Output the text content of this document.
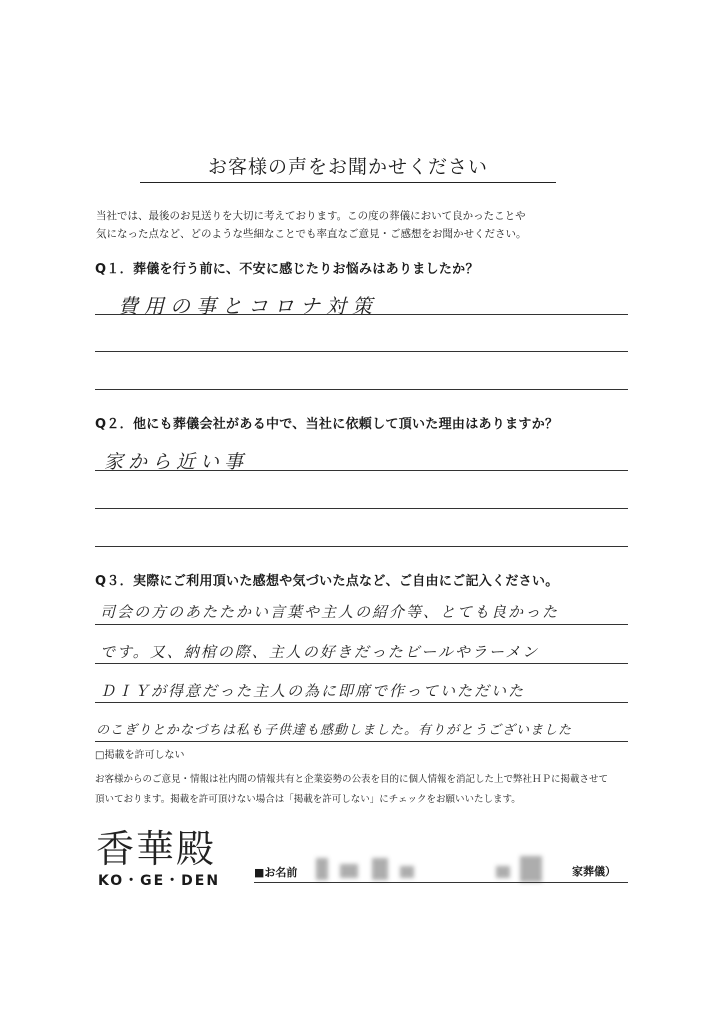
お客様の声をお聞かせください
当社では、最後のお見送りを大切に考えております。この度の葬儀において良かったことや
気になった点など、どのような些細なことでも率直なご意見・ご感想をお聞かせください。
Q１．葬儀を行う前に、不安に感じたりお悩みはありましたか？
費用の事とコロナ対策
Q２．他にも葬儀会社がある中で、当社に依頼して頂いた理由はありますか？
家から近い事
Q３．実際にご利用頂いた感想や気づいた点など、ご自由にご記入ください。
司会の方のあたたかい言葉や主人の紹介等、とても良かった
です。又、納棺の際、主人の好きだったビールやラーメン
ＤＩＹが得意だった主人の為に即席で作っていただいた
のこぎりとかなづちは私も子供達も感動しました。有りがとうございました
□掲載を許可しない
お客様からのご意見・情報は社内間の情報共有と企業姿勢の公表を目的に個人情報を消記した上で弊社ＨＰに掲載させて
頂いております。掲載を許可頂けない場合は「掲載を許可しない」にチェックをお願いいたします。
香華殿
KO・GE・DEN
■お名前	家葬儀）
